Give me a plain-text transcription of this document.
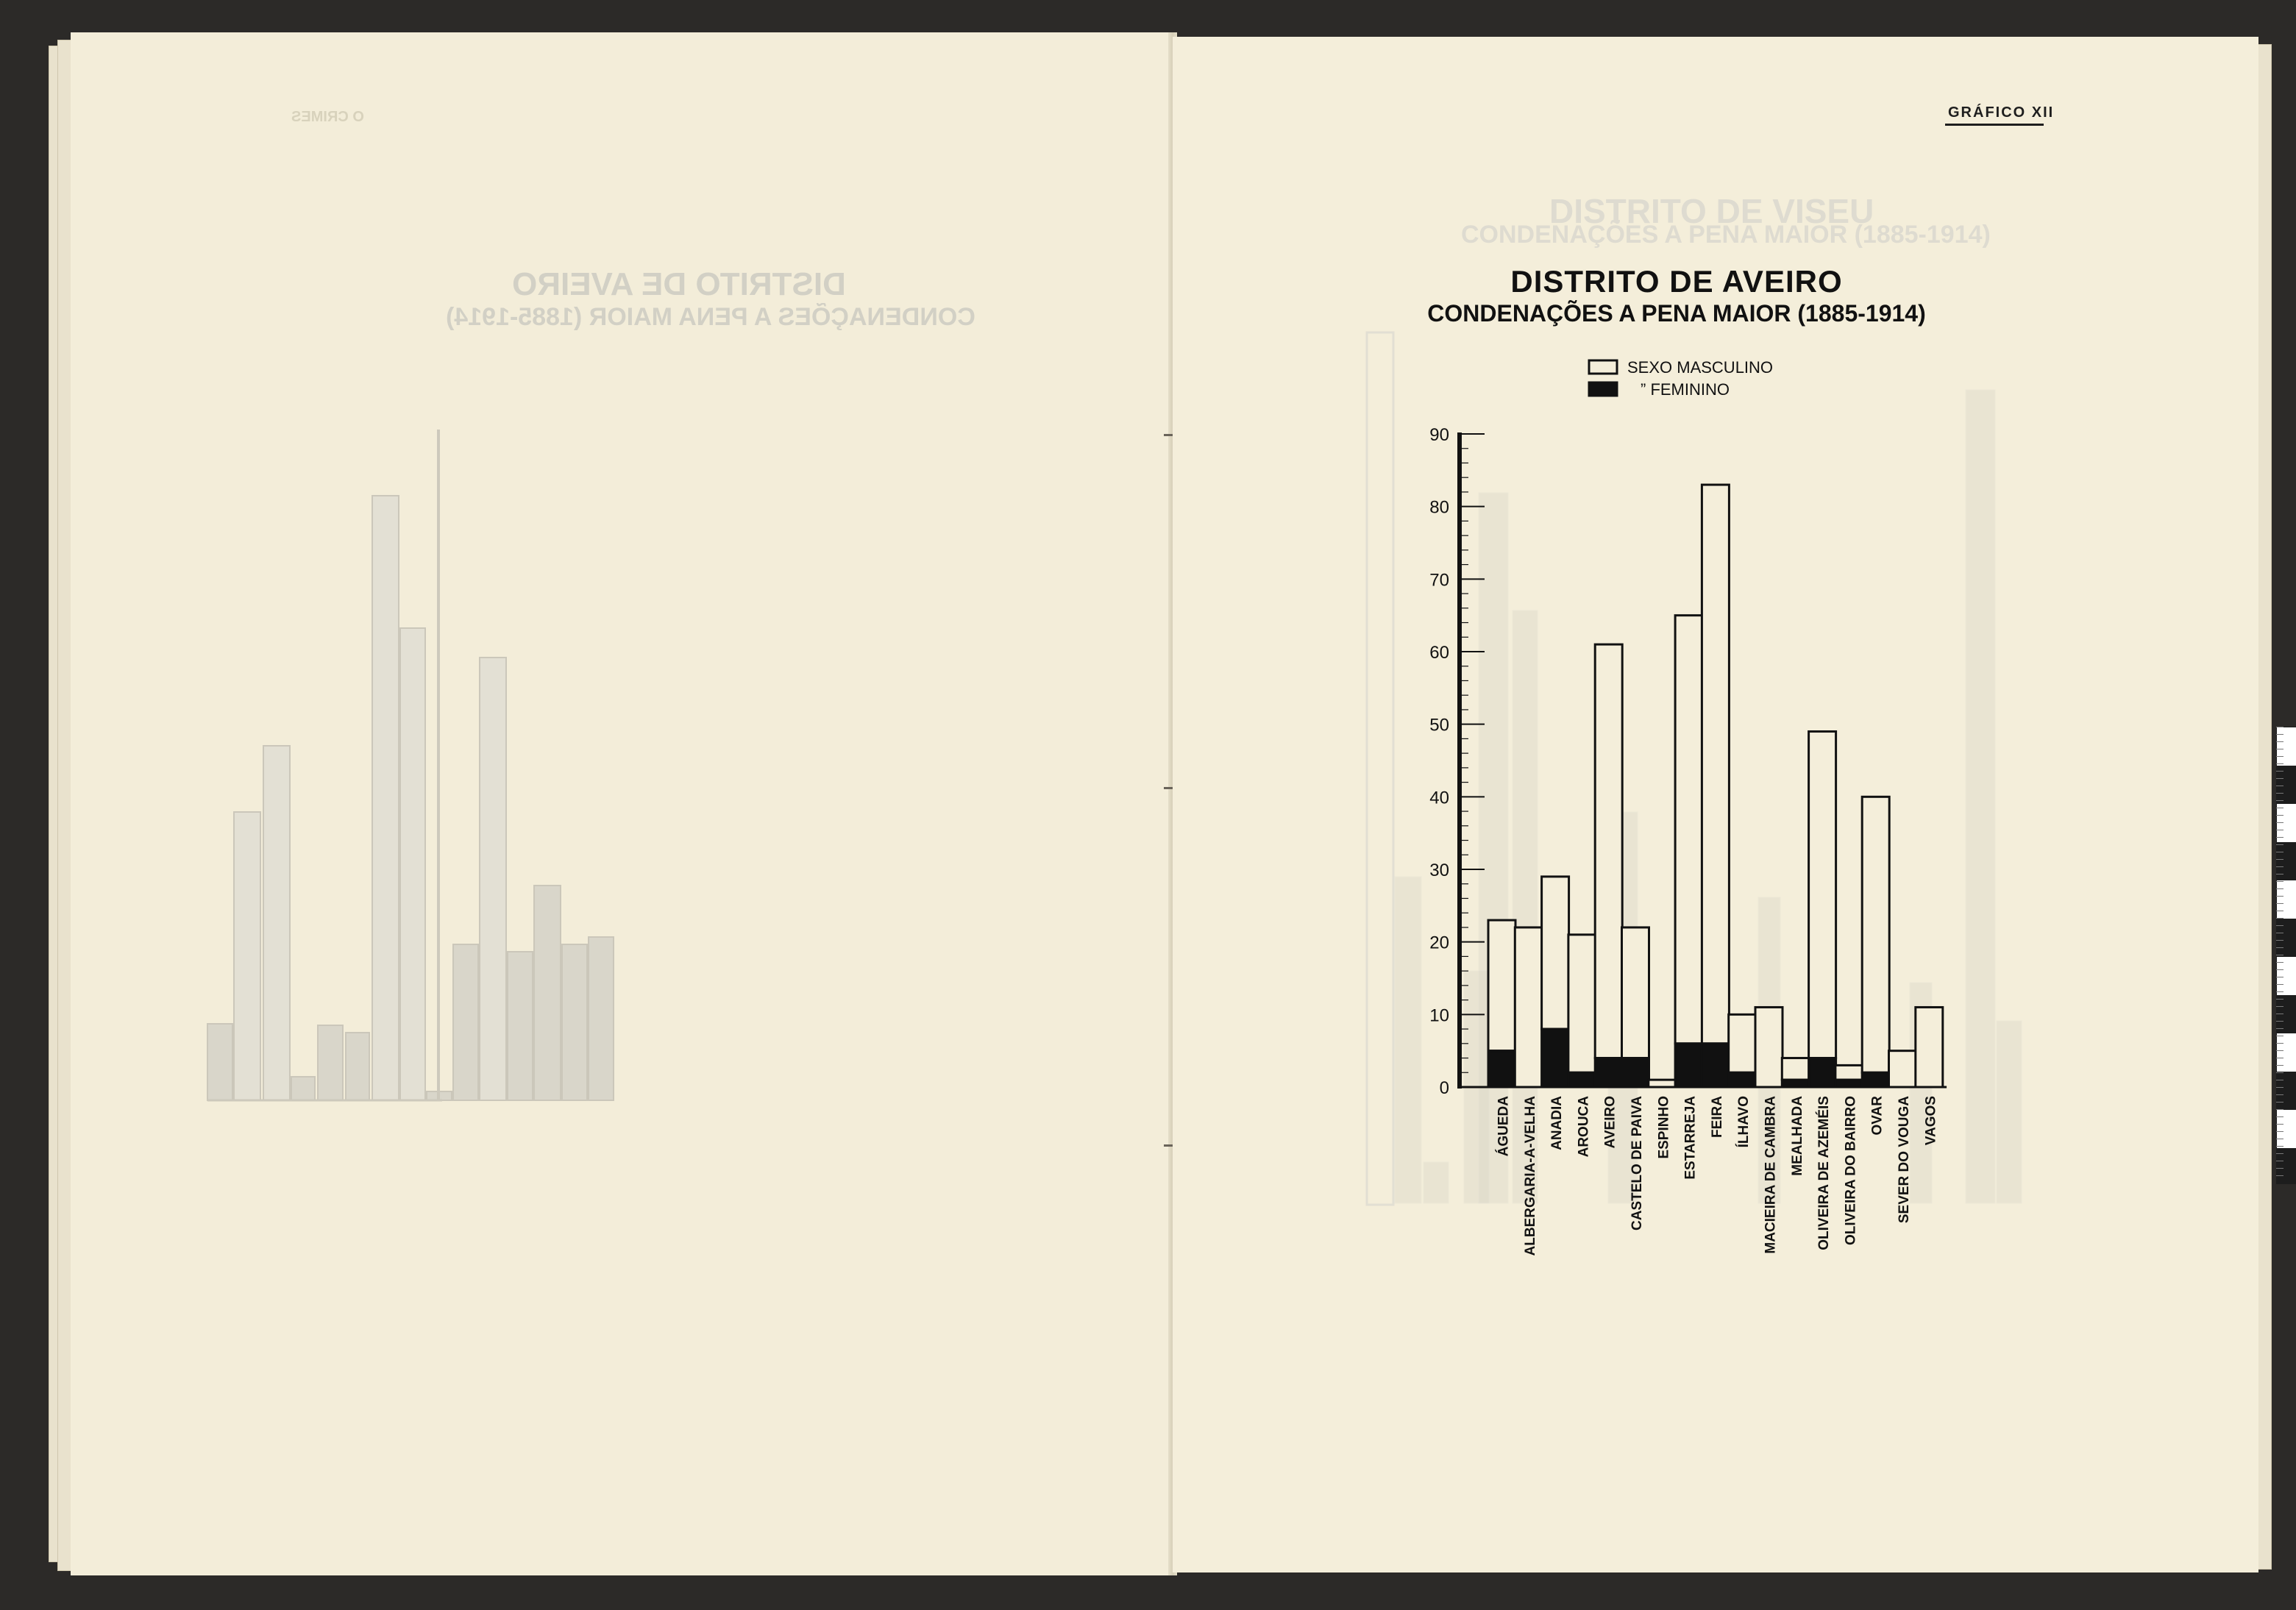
DISTRITO DE AVEIRO
CONDENAÇÕES A PENA MAIOR (1885-1914)
O CRIMES
DISTRITO DE VISEU
CONDENAÇÕES A PENA MAIOR (1885-1914)
GRÁFICO XII
DISTRITO DE AVEIRO
CONDENAÇÕES A PENA MAIOR (1885-1914)
SEXO MASCULINO
” FEMININO
0
10
20
30
40
50
60
70
80
90
ÁGUEDA ALBERGARIA-A-VELHA ANADIA AROUCA AVEIRO CASTELO DE PAIVA ESPINHO ESTARREJA FEIRA ÍLHAVO MACIEIRA DE CAMBRA MEALHADA OLIVEIRA DE AZEMÉIS OLIVEIRA DO BAIRRO OVAR SEVER DO VOUGA VAGOS
